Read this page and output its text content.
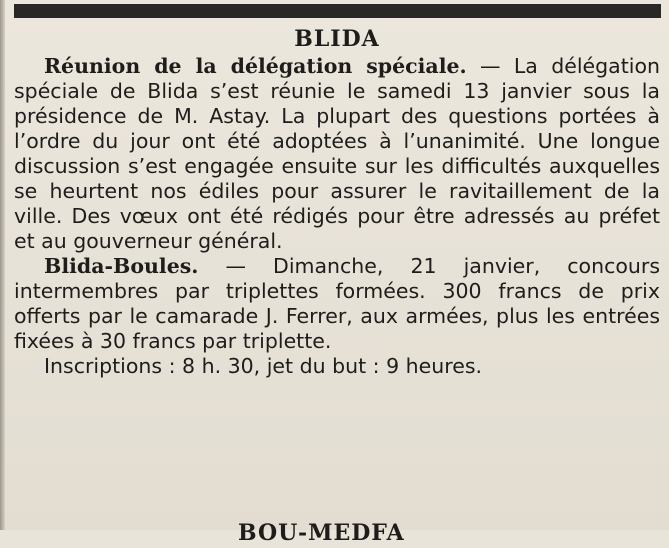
BLIDA

Réunion de la délégation spéciale. — La délégation spéciale de Blida s’est réunie le samedi 13 janvier sous la présidence de M. Astay. La plupart des questions portées à l’ordre du jour ont été adoptées à l’unanimité. Une longue discussion s’est engagée ensuite sur les difficultés auxquelles se heurtent nos édiles pour assurer le ravitaillement de la ville. Des vœux ont été rédigés pour être adressés au préfet et au gouverneur général.

Blida-Boules. — Dimanche, 21 janvier, concours intermembres par triplettes formées. 300 francs de prix offerts par le camarade J. Ferrer, aux armées, plus les entrées fixées à 30 francs par triplette.

Inscriptions : 8 h. 30, jet du but : 9 heures.

BOU-MEDFA
